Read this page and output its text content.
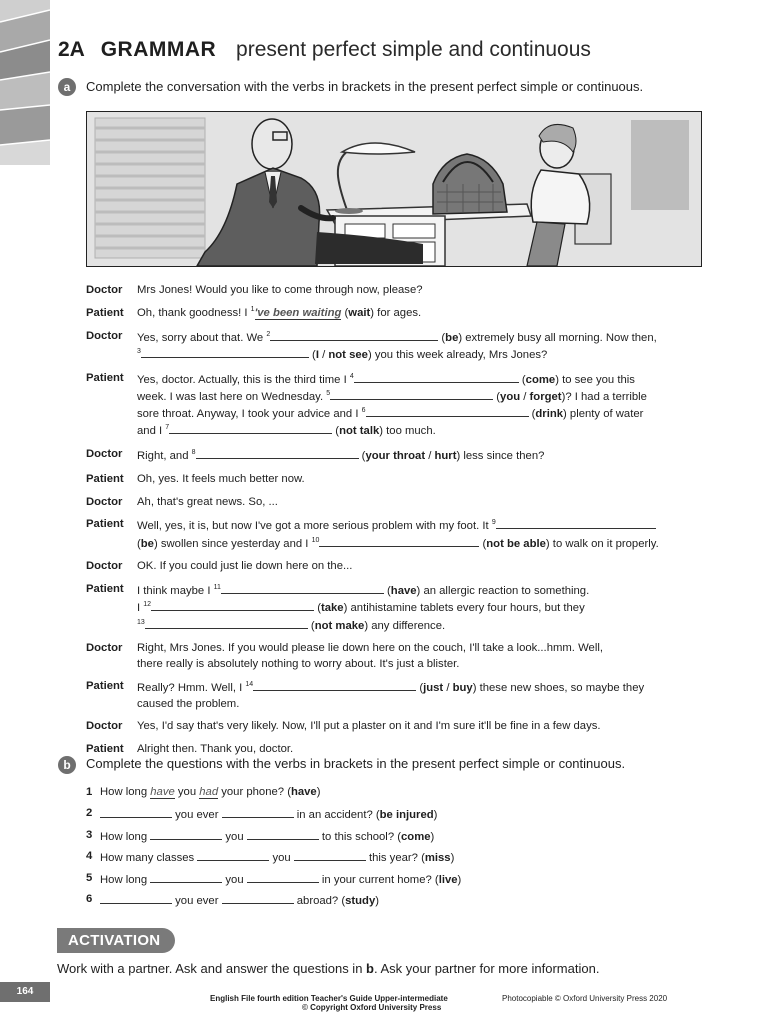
2A GRAMMAR present perfect simple and continuous
a	Complete the conversation with the verbs in brackets in the present perfect simple or continuous.
Doctor Mrs Jones! Would you like to come through now, please?
Patient Oh, thank goodness! I $^1$'ve been waiting (wait) for ages.
Doctor Yes, sorry about that. We $^2$	(be) extremely busy all morning. Now then,
$^3$	(I / not see) you this week already, Mrs Jones?
Patient Yes, doctor. Actually, this is the third time I $^4$	(come) to see you this
week. I was last here on Wednesday. $^5$	(you / forget)? I had a terrible
sore throat. Anyway, I took your advice and I $^6$	(drink) plenty of water
and I $^7$	(not talk) too much.
Doctor Right, and $^8$	(your throat / hurt) less since then?
Patient Oh, yes. It feels much better now.
Doctor Ah, that's great news. So, ...
Patient Well, yes, it is, but now I've got a more serious problem with my foot. It $^9$
(be) swollen since yesterday and I $^{10}$	(not be able) to walk on it properly.
Doctor OK. If you could just lie down here on the...
Patient I think maybe I $^{11}$	(have) an allergic reaction to something.
I $^{12}$	(take) antihistamine tablets every four hours, but they
$^{13}$	(not make) any difference.
Doctor Right, Mrs Jones. If you would please lie down here on the couch, I'll take a look...hmm. Well,
there really is absolutely nothing to worry about. It's just a blister.
Patient Really? Hmm. Well, I $^{14}$	(just / buy) these new shoes, so maybe they
caused the problem.
Doctor Yes, I'd say that's very likely. Now, I'll put a plaster on it and I'm sure it'll be fine in a few days.
Patient Alright then. Thank you, doctor.
b	Complete the questions with the verbs in brackets in the present perfect simple or continuous.
1 How long have you had your phone? (have)
2	you ever	in an accident? (be injured)
3 How long	you	to this school? (come)
4 How many classes	you	this year? (miss)
5 How long	you	in your current home? (live)
6	you ever	abroad? (study)
ACTIVATION
Work with a partner. Ask and answer the questions in b. Ask your partner for more information.
164
English File fourth edition Teacher's Guide Upper-intermediate	Photocopiable © Oxford University Press 2020
© Copyright Oxford University Press
